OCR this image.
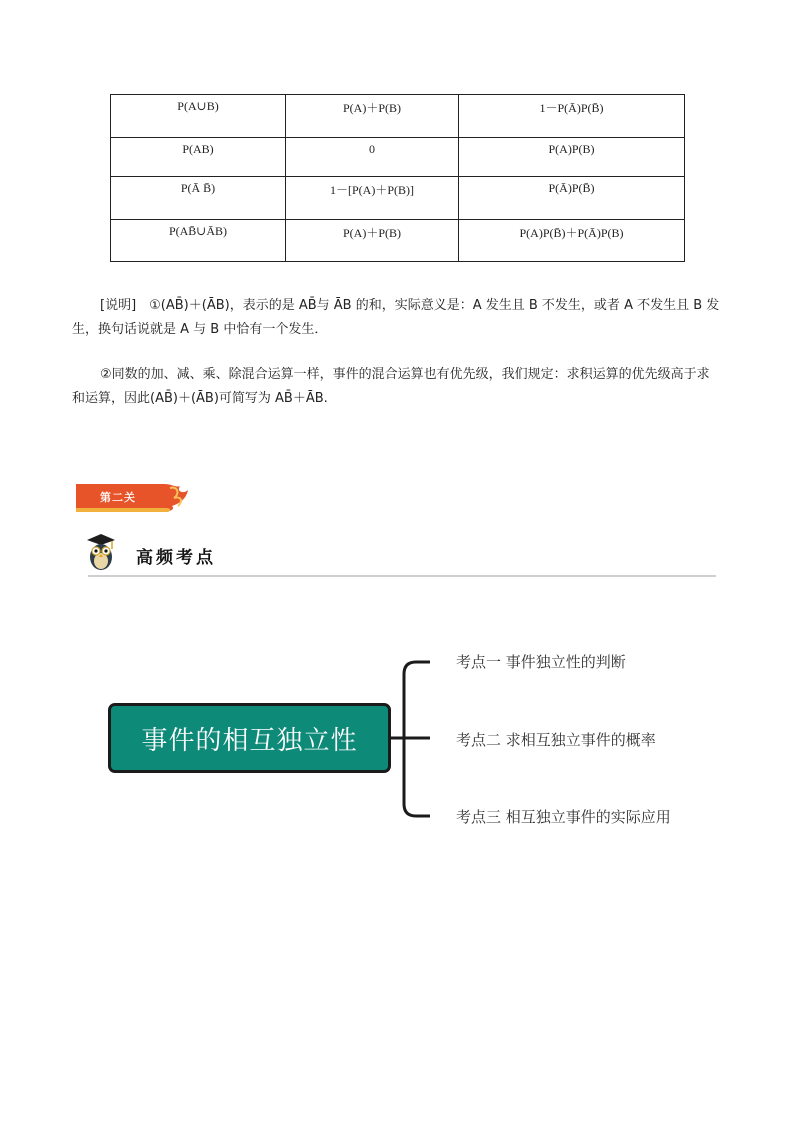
P(A∪B)	P(A)＋P(B)	1－P(Ā)P(B̄)
P(AB)	0	P(A)P(B)
P(Ā B̄)	1－[P(A)＋P(B)]	P(Ā)P(B̄)
P(AB̄∪ĀB)	P(A)＋P(B)	P(A)P(B̄)＋P(Ā)P(B)

[说明]　①(AB̄)＋(ĀB)，表示的是 AB̄与 ĀB 的和，实际意义是：A 发生且 B 不发生，或者 A 不发生且 B 发生，换句话说就是 A 与 B 中恰有一个发生．

②同数的加、减、乘、除混合运算一样，事件的混合运算也有优先级，我们规定：求积运算的优先级高于求和运算，因此(AB̄)＋(ĀB)可简写为 AB̄＋ĀB.

第二关
高频考点
事件的相互独立性
考点一 事件独立性的判断
考点二 求相互独立事件的概率
考点三 相互独立事件的实际应用
